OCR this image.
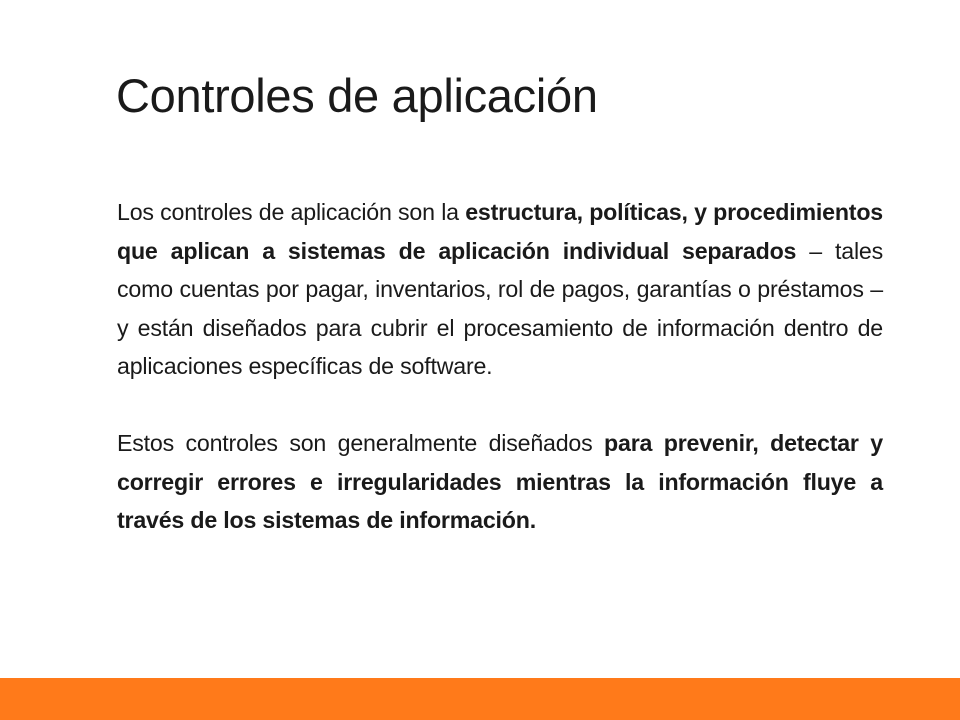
Controles de aplicación

Los controles de aplicación son la estructura, políticas, y procedimientos que aplican a sistemas de aplicación individual separados – tales como cuentas por pagar, inventarios, rol de pagos, garantías o préstamos – y están diseñados para cubrir el procesamiento de información dentro de aplicaciones específicas de software.

Estos controles son generalmente diseñados para prevenir, detectar y corregir errores e irregularidades mientras la información fluye a través de los sistemas de información.
